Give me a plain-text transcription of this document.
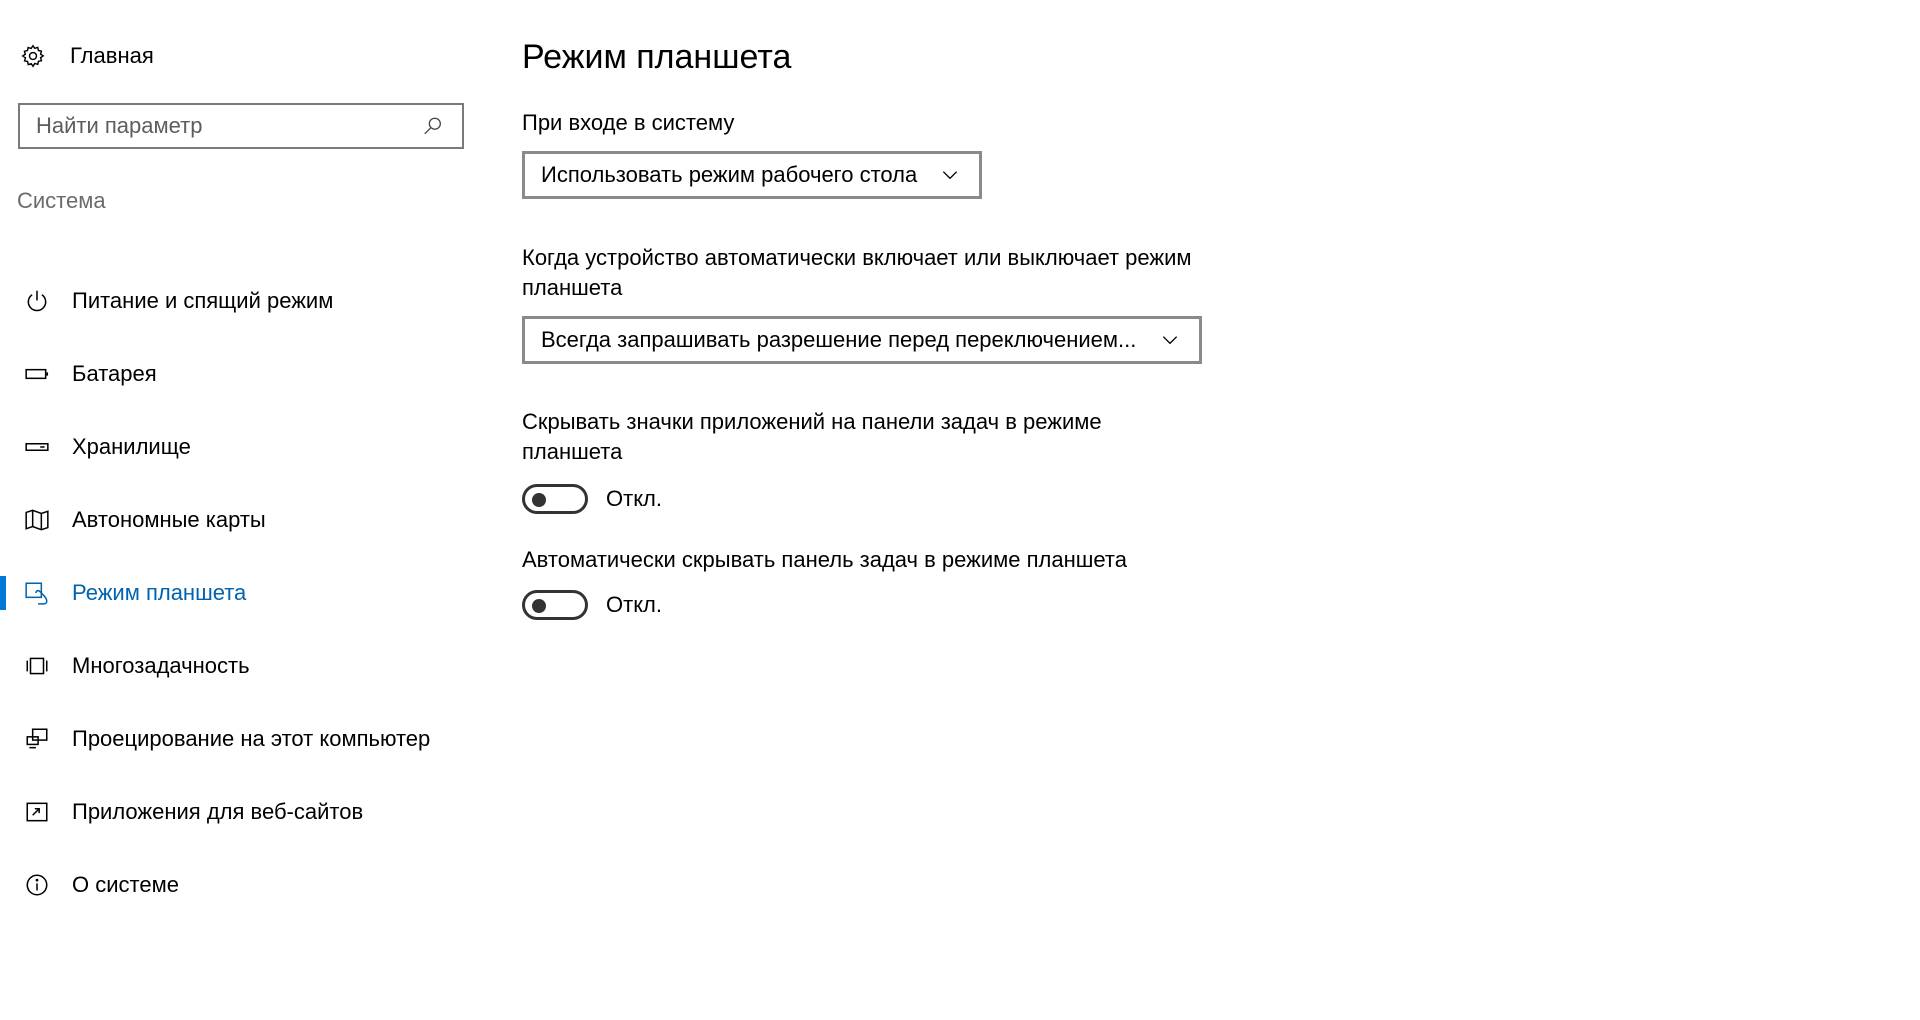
Главная
Найти параметр
Система
Питание и спящий режим
Батарея
Хранилище
Автономные карты
Режим планшета
Многозадачность
Проецирование на этот компьютер
Приложения для веб-сайтов
О системе
Режим планшета
При входе в систему
Использовать режим рабочего стола
Когда устройство автоматически включает или выключает режим планшета
Всегда запрашивать разрешение перед переключением...
Скрывать значки приложений на панели задач в режиме планшета
Откл.
Автоматически скрывать панель задач в режиме планшета
Откл.
